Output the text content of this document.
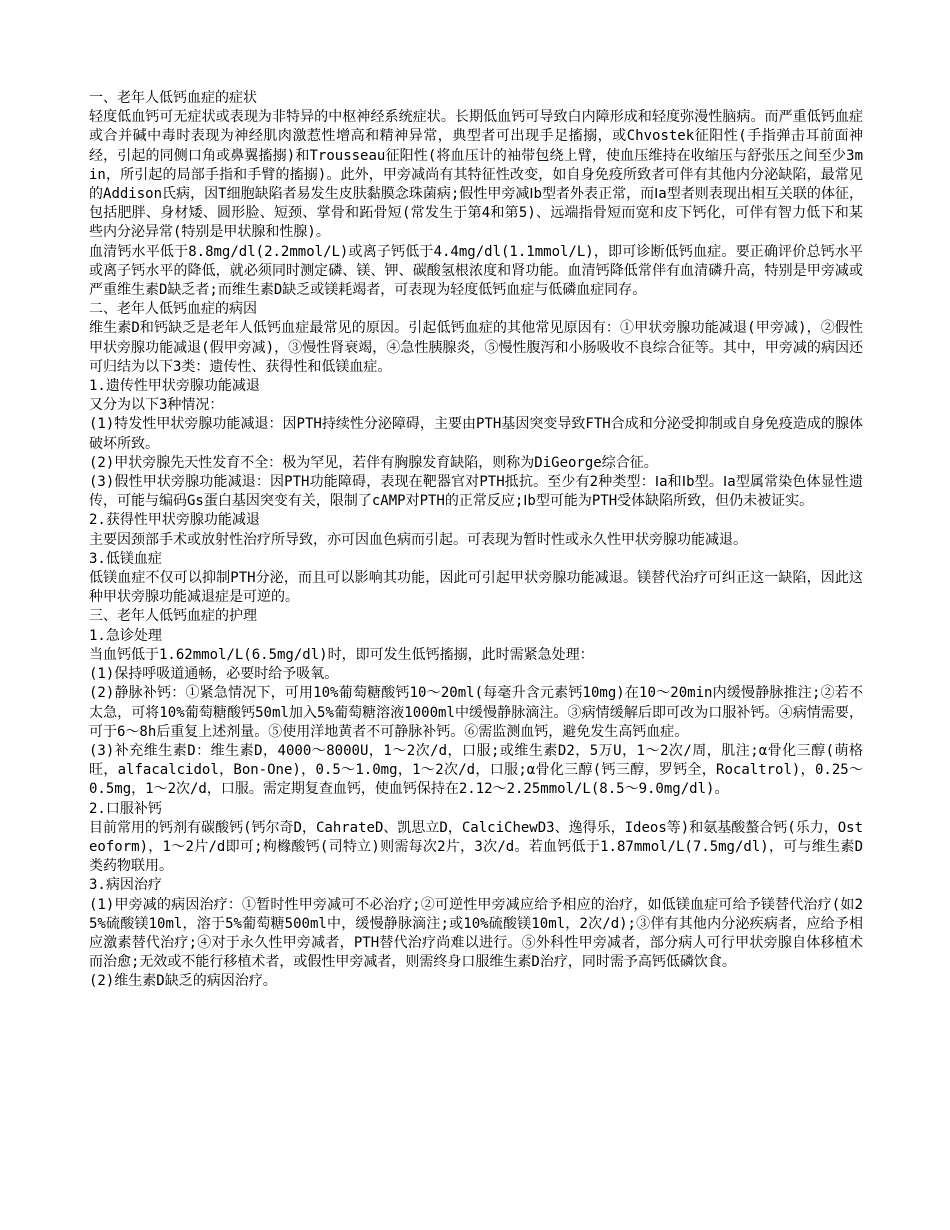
一、老年人低钙血症的症状

轻度低血钙可无症状或表现为非特异的中枢神经系统症状。长期低血钙可导致白内障形成和轻度弥漫性脑病。而严重低钙血症或合并碱中毒时表现为神经肌肉激惹性增高和精神异常，典型者可出现手足搐搦，或Chvostek征阳性(手指弹击耳前面神经，引起的同侧口角或鼻翼搐搦)和Trousseau征阳性(将血压计的袖带包绕上臂，使血压维持在收缩压与舒张压之间至少3min，所引起的局部手指和手臂的搐搦)。此外，甲旁减尚有其特征性改变，如自身免疫所致者可伴有其他内分泌缺陷，最常见的Addison氏病，因T细胞缺陷者易发生皮肤黏膜念珠菌病;假性甲旁减Ⅰb型者外表正常，而Ⅰa型者则表现出相互关联的体征，包括肥胖、身材矮、圆形脸、短颈、掌骨和跖骨短(常发生于第4和第5)、远端指骨短而宽和皮下钙化，可伴有智力低下和某些内分泌异常(特别是甲状腺和性腺)。

血清钙水平低于8.8mg/dl(2.2mmol/L)或离子钙低于4.4mg/dl(1.1mmol/L)，即可诊断低钙血症。要正确评价总钙水平或离子钙水平的降低，就必须同时测定磷、镁、钾、碳酸氢根浓度和肾功能。血清钙降低常伴有血清磷升高，特别是甲旁减或严重维生素D缺乏者;而维生素D缺乏或镁耗竭者，可表现为轻度低钙血症与低磷血症同存。

二、老年人低钙血症的病因

维生素D和钙缺乏是老年人低钙血症最常见的原因。引起低钙血症的其他常见原因有：①甲状旁腺功能减退(甲旁减)，②假性甲状旁腺功能减退(假甲旁减)，③慢性肾衰竭，④急性胰腺炎，⑤慢性腹泻和小肠吸收不良综合征等。其中，甲旁减的病因还可归结为以下3类：遗传性、获得性和低镁血症。

1.遗传性甲状旁腺功能减退

又分为以下3种情况：

(1)特发性甲状旁腺功能减退：因PTH持续性分泌障碍，主要由PTH基因突变导致FTH合成和分泌受抑制或自身免疫造成的腺体破坏所致。

(2)甲状旁腺先天性发育不全：极为罕见，若伴有胸腺发育缺陷，则称为DiGeorge综合征。

(3)假性甲状旁腺功能减退：因PTH功能障碍，表现在靶器官对PTH抵抗。至少有2种类型：Ⅰa和Ⅰb型。Ⅰa型属常染色体显性遗传，可能与编码Gs蛋白基因突变有关，限制了cAMP对PTH的正常反应;Ⅰb型可能为PTH受体缺陷所致，但仍未被证实。

2.获得性甲状旁腺功能减退

主要因颈部手术或放射性治疗所导致，亦可因血色病而引起。可表现为暂时性或永久性甲状旁腺功能减退。

3.低镁血症

低镁血症不仅可以抑制PTH分泌，而且可以影响其功能，因此可引起甲状旁腺功能减退。镁替代治疗可纠正这一缺陷，因此这种甲状旁腺功能减退症是可逆的。

三、老年人低钙血症的护理

1.急诊处理

当血钙低于1.62mmol/L(6.5mg/dl)时，即可发生低钙搐搦，此时需紧急处理：

(1)保持呼吸道通畅，必要时给予吸氧。

(2)静脉补钙：①紧急情况下，可用10%葡萄糖酸钙10～20ml(每毫升含元素钙10mg)在10～20min内缓慢静脉推注;②若不太急，可将10%葡萄糖酸钙50ml加入5%葡萄糖溶液1000ml中缓慢静脉滴注。③病情缓解后即可改为口服补钙。④病情需要，可于6～8h后重复上述剂量。⑤使用洋地黄者不可静脉补钙。⑥需监测血钙，避免发生高钙血症。

(3)补充维生素D：维生素D，4000～8000U，1～2次/d，口服;或维生素D2，5万U，1～2次/周，肌注;α骨化三醇(萌格旺，alfacalcidol，Bon-One)，0.5～1.0mg，1～2次/d，口服;α骨化三醇(钙三醇，罗钙全，Rocaltrol)，0.25～0.5mg，1～2次/d，口服。需定期复查血钙，使血钙保持在2.12～2.25mmol/L(8.5～9.0mg/dl)。

2.口服补钙

目前常用的钙剂有碳酸钙(钙尔奇D，CahrateD、凯思立D，CalciChewD3、逸得乐，Ideos等)和氨基酸螯合钙(乐力，Osteoform)，1～2片/d即可;枸橼酸钙(司特立)则需每次2片，3次/d。若血钙低于1.87mmol/L(7.5mg/dl)，可与维生素D类药物联用。

3.病因治疗

(1)甲旁减的病因治疗：①暂时性甲旁减可不必治疗;②可逆性甲旁减应给予相应的治疗，如低镁血症可给予镁替代治疗(如25%硫酸镁10ml，溶于5%葡萄糖500ml中，缓慢静脉滴注;或10%硫酸镁10ml，2次/d);③伴有其他内分泌疾病者，应给予相应激素替代治疗;④对于永久性甲旁减者，PTH替代治疗尚难以进行。⑤外科性甲旁减者，部分病人可行甲状旁腺自体移植术而治愈;无效或不能行移植术者，或假性甲旁减者，则需终身口服维生素D治疗，同时需予高钙低磷饮食。

(2)维生素D缺乏的病因治疗。
